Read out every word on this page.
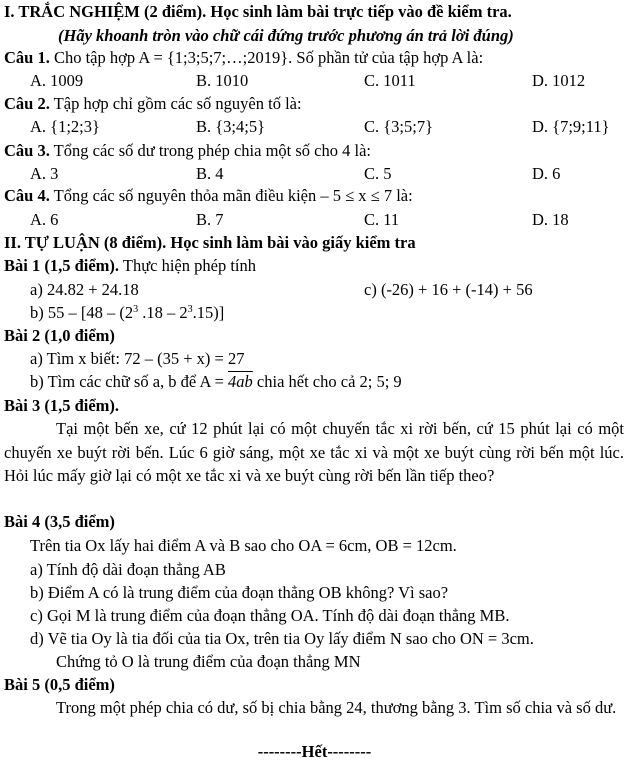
I. TRẮC NGHIỆM (2 điểm). Học sinh làm bài trực tiếp vào đề kiểm tra.
(Hãy khoanh tròn vào chữ cái đứng trước phương án trả lời đúng)
Câu 1. Cho tập hợp A = {1;3;5;7;…;2019}. Số phần tử của tập hợp A là:
A. 1009	B. 1010	C. 1011	D. 1012
Câu 2. Tập hợp chỉ gồm các số nguyên tố là:
A. {1;2;3}	B. {3;4;5}	C. {3;5;7}	D. {7;9;11}
Câu 3. Tổng các số dư trong phép chia một số cho 4 là:
A. 3	B. 4	C. 5	D. 6
Câu 4. Tổng các số nguyên thỏa mãn điều kiện – 5 ≤ x ≤ 7 là:
A. 6	B. 7	C. 11	D. 18
II. TỰ LUẬN (8 điểm). Học sinh làm bài vào giấy kiểm tra
Bài 1 (1,5 điểm). Thực hiện phép tính
a) 24.82 + 24.18	c) (-26) + 16 + (-14) + 56
b) $55 - [48 - (2^3$ $.18 - 2^3.15$)]
Bài 2 (1,0 điểm)
a) Tìm x biết: 72 – (35 + x) = 27
b) Tìm các chữ số a, b để A = 4ab chia hết cho cả 2; 5; 9
Bài 3 (1,5 điểm).
Tại một bến xe, cứ 12 phút lại có một chuyến tắc xi rời bến, cứ 15 phút lại có một chuyến xe buýt rời bến. Lúc 6 giờ sáng, một xe tắc xi và một xe buýt cùng rời bến một lúc. Hỏi lúc mấy giờ lại có một xe tắc xi và xe buýt cùng rời bến lần tiếp theo?
Bài 4 (3,5 điểm)
Trên tia Ox lấy hai điểm A và B sao cho OA = 6cm, OB = 12cm.
a) Tính độ dài đoạn thẳng AB
b) Điểm A có là trung điểm của đoạn thẳng OB không? Vì sao?
c) Gọi M là trung điểm của đoạn thẳng OA. Tính độ dài đoạn thẳng MB.
d) Vẽ tia Oy là tia đối của tia Ox, trên tia Oy lấy điểm N sao cho ON = 3cm.
Chứng tỏ O là trung điểm của đoạn thẳng MN
Bài 5 (0,5 điểm)
Trong một phép chia có dư, số bị chia bằng 24, thương bằng 3. Tìm số chia và số dư.
--------Hết--------
